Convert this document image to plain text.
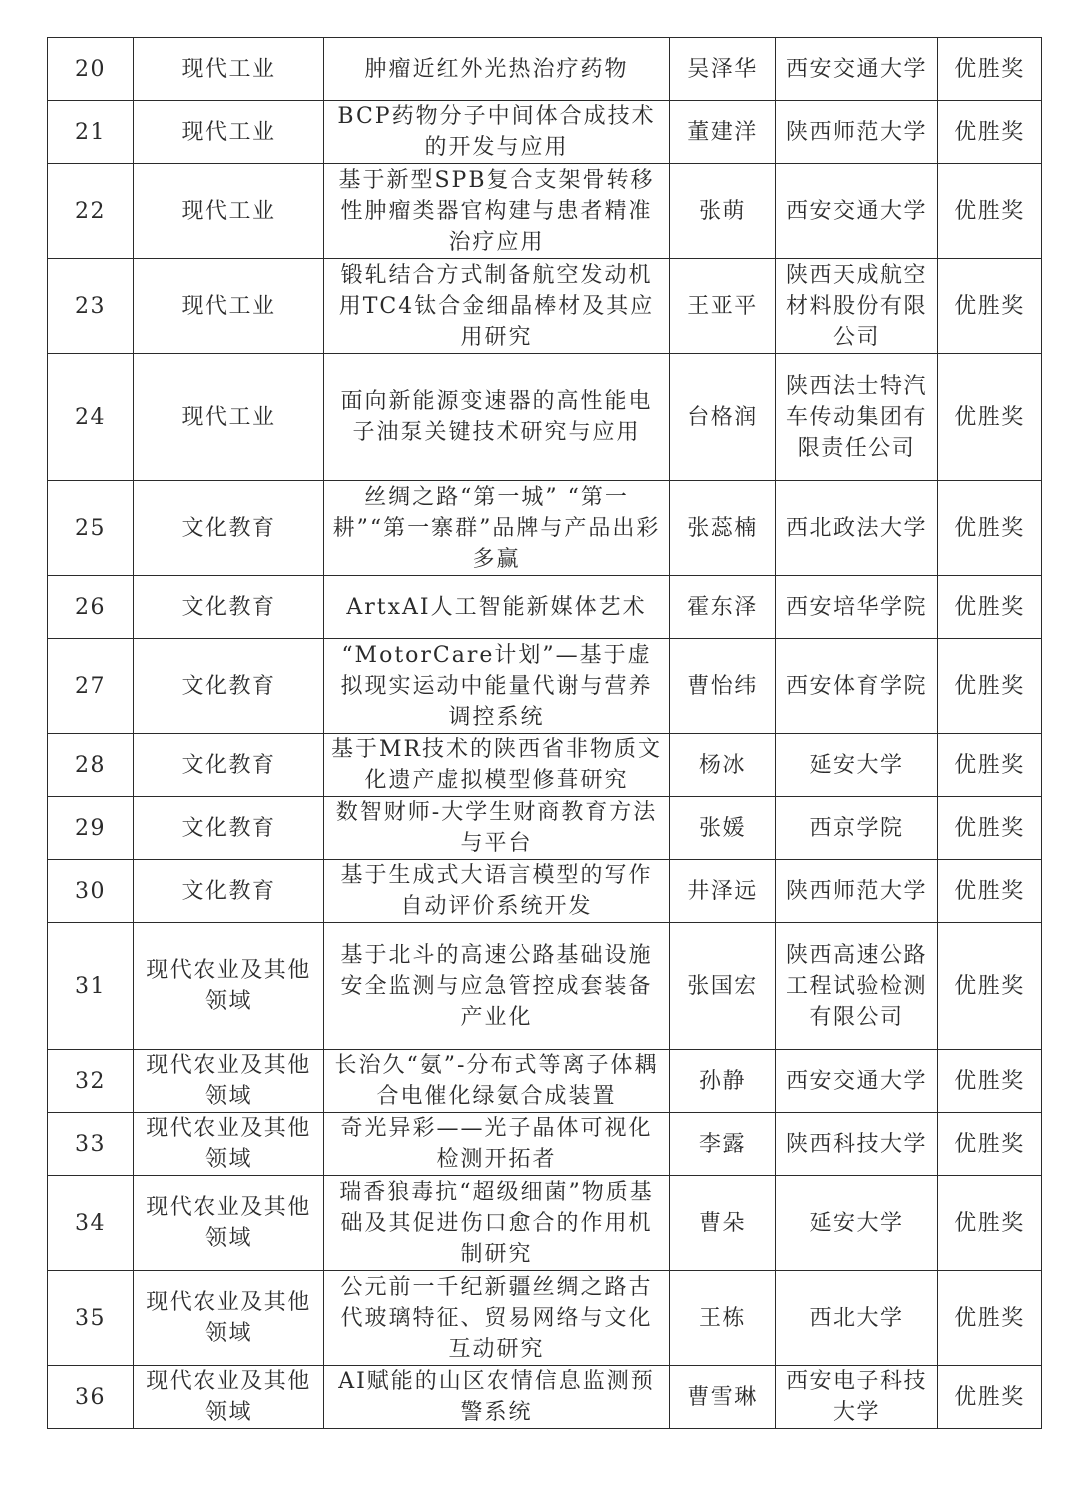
20	现代工业	肿瘤近红外光热治疗药物	吴泽华	西安交通大学	优胜奖
21	现代工业	BCP药物分子中间体合成技术的开发与应用	董建洋	陕西师范大学	优胜奖
22	现代工业	基于新型SPB复合支架骨转移性肿瘤类器官构建与患者精准治疗应用	张萌	西安交通大学	优胜奖
23	现代工业	锻轧结合方式制备航空发动机用TC4钛合金细晶棒材及其应用研究	王亚平	陕西天成航空材料股份有限公司	优胜奖
24	现代工业	面向新能源变速器的高性能电子油泵关键技术研究与应用	台格润	陕西法士特汽车传动集团有限责任公司	优胜奖
25	文化教育	丝绸之路“第一城” “第一耕”“第一寨群”品牌与产品出彩多赢	张蕊楠	西北政法大学	优胜奖
26	文化教育	ArtxAI人工智能新媒体艺术	霍东泽	西安培华学院	优胜奖
27	文化教育	“MotorCare计划”—基于虚拟现实运动中能量代谢与营养调控系统	曹怡纬	西安体育学院	优胜奖
28	文化教育	基于MR技术的陕西省非物质文化遗产虚拟模型修葺研究	杨冰	延安大学	优胜奖
29	文化教育	数智财师-大学生财商教育方法与平台	张媛	西京学院	优胜奖
30	文化教育	基于生成式大语言模型的写作自动评价系统开发	井泽远	陕西师范大学	优胜奖
31	现代农业及其他领域	基于北斗的高速公路基础设施安全监测与应急管控成套装备产业化	张国宏	陕西高速公路工程试验检测有限公司	优胜奖
32	现代农业及其他领域	长治久“氨”-分布式等离子体耦合电催化绿氨合成装置	孙静	西安交通大学	优胜奖
33	现代农业及其他领域	奇光异彩——光子晶体可视化检测开拓者	李露	陕西科技大学	优胜奖
34	现代农业及其他领域	瑞香狼毒抗“超级细菌”物质基础及其促进伤口愈合的作用机制研究	曹朵	延安大学	优胜奖
35	现代农业及其他领域	公元前一千纪新疆丝绸之路古代玻璃特征、贸易网络与文化互动研究	王栋	西北大学	优胜奖
36	现代农业及其他领域	AI赋能的山区农情信息监测预警系统	曹雪琳	西安电子科技大学	优胜奖
